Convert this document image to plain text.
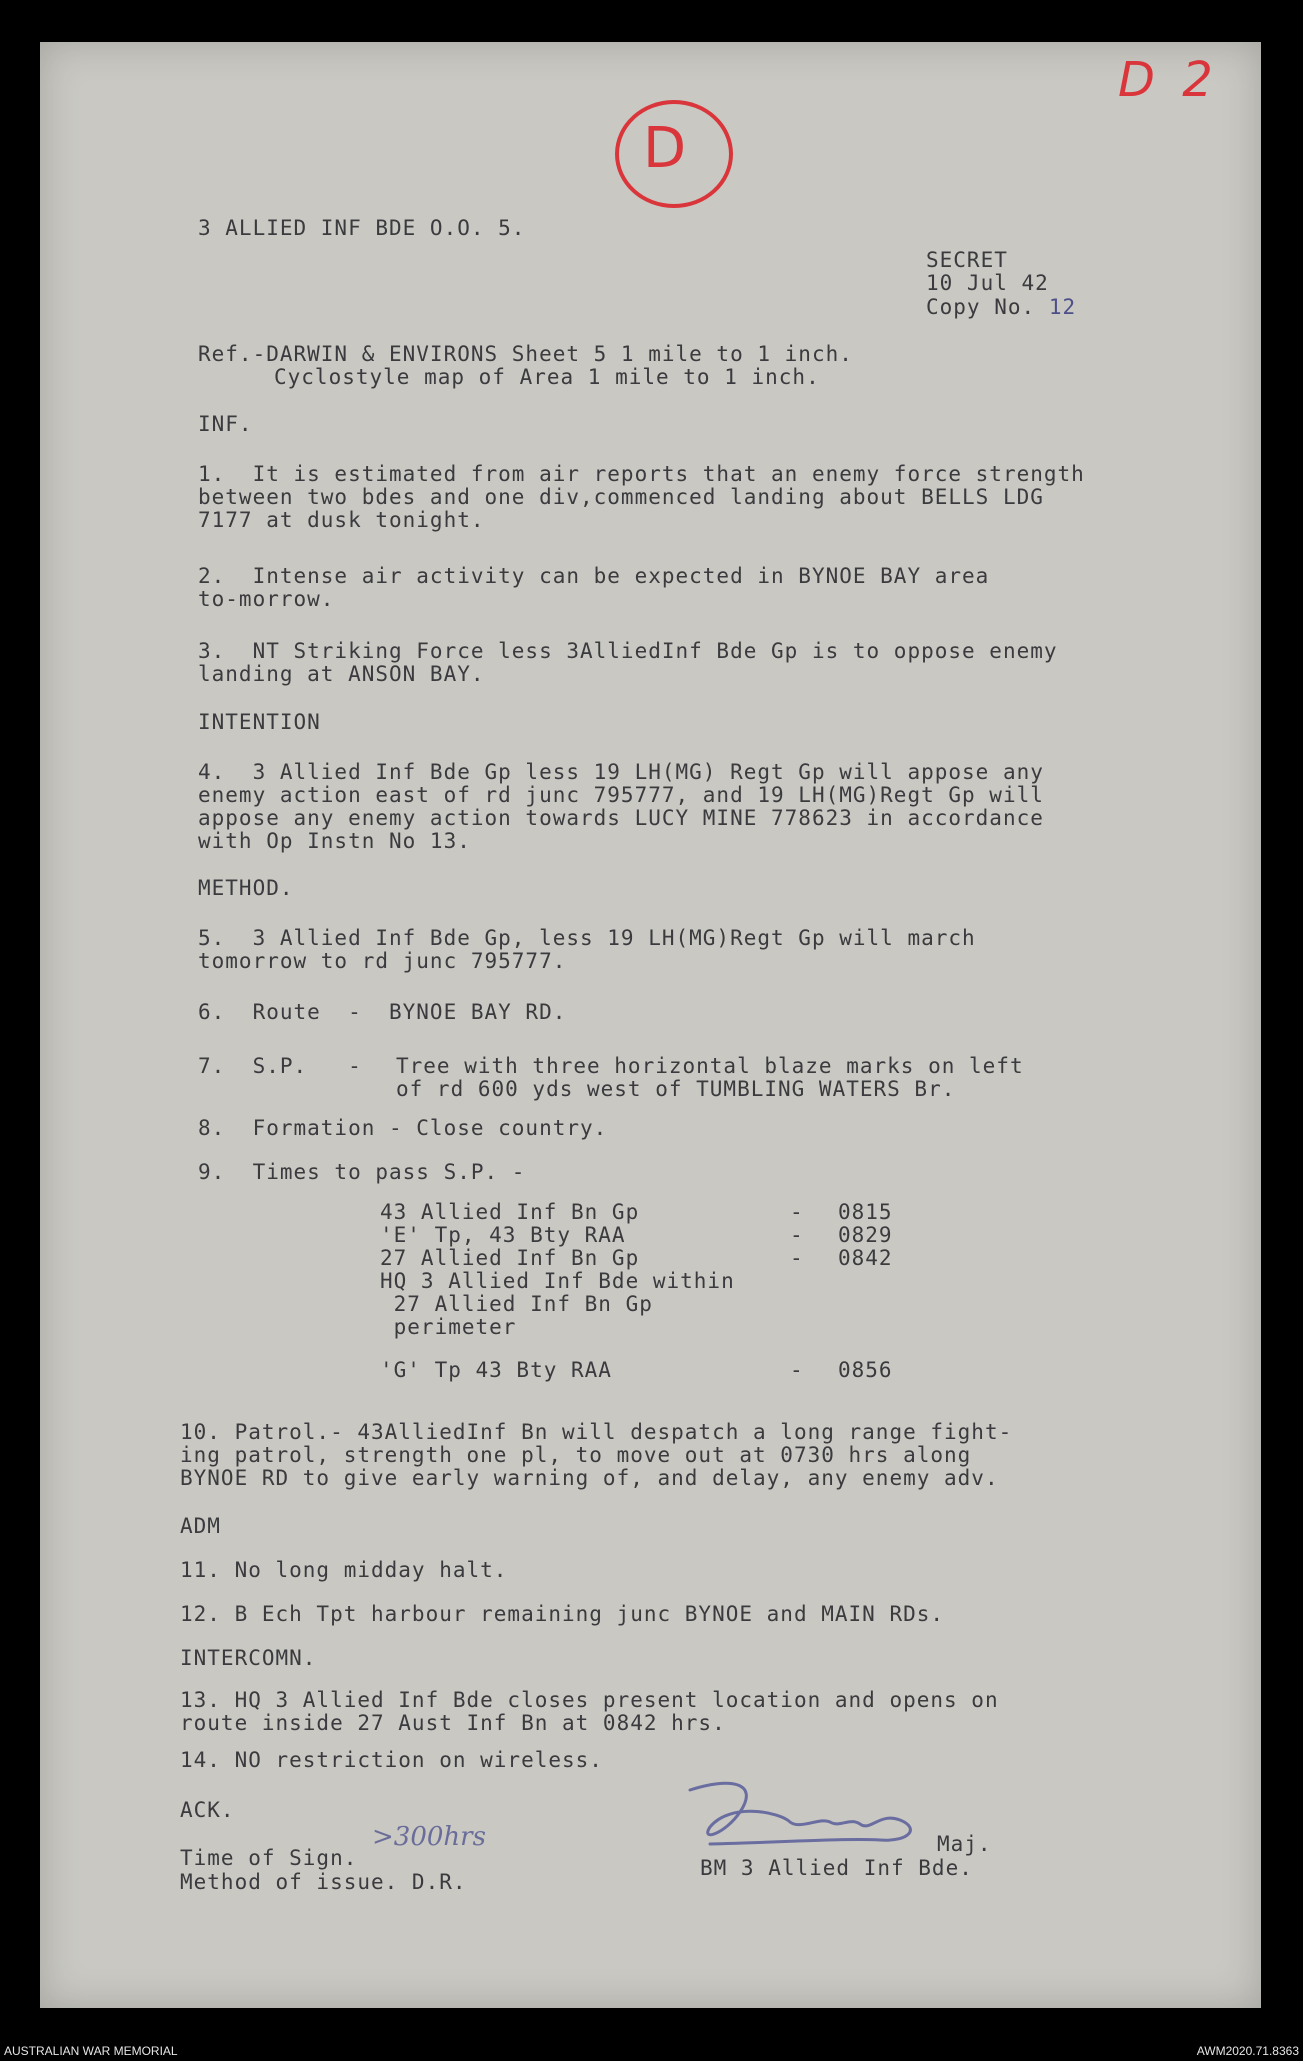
D 2
D
3 ALLIED INF BDE O.O. 5.
SECRET
10 Jul 42
Copy No. 12
Ref.-DARWIN & ENVIRONS Sheet 5 1 mile to 1 inch.
Cyclostyle map of Area 1 mile to 1 inch.
INF.
1.  It is estimated from air reports that an enemy force strength
between two bdes and one div,commenced landing about BELLS LDG
7177 at dusk tonight.
2.  Intense air activity can be expected in BYNOE BAY area
to-morrow.
3.  NT Striking Force less 3AlliedInf Bde Gp is to oppose enemy
landing at ANSON BAY.
INTENTION
4.  3 Allied Inf Bde Gp less 19 LH(MG) Regt Gp will appose any
enemy action east of rd junc 795777, and 19 LH(MG)Regt Gp will
appose any enemy action towards LUCY MINE 778623 in accordance
with Op Instn No 13.
METHOD.
5.  3 Allied Inf Bde Gp, less 19 LH(MG)Regt Gp will march
tomorrow to rd junc 795777.
6.  Route  -  BYNOE BAY RD.
7.  S.P.   - Tree with three horizontal blaze marks on left
of rd 600 yds west of TUMBLING WATERS Br.
8.  Formation - Close country.
9.  Times to pass S.P. -
43 Allied Inf Bn Gp	- 0815
'E' Tp, 43 Bty RAA	- 0829
27 Allied Inf Bn Gp	- 0842
HQ 3 Allied Inf Bde within
27 Allied Inf Bn Gp
perimeter
'G' Tp 43 Bty RAA	- 0856
10. Patrol.- 43AlliedInf Bn will despatch a long range fight-
ing patrol, strength one pl, to move out at 0730 hrs along
BYNOE RD to give early warning of, and delay, any enemy adv.
ADM
11. No long midday halt.
12. B Ech Tpt harbour remaining junc BYNOE and MAIN RDs.
INTERCOMN.
13. HQ 3 Allied Inf Bde closes present location and opens on
route inside 27 Aust Inf Bn at 0842 hrs.
14. NO restriction on wireless.
ACK.
Time of Sign.
>300hrs
Method of issue. D.R.
Maj.
BM 3 Allied Inf Bde.
AUSTRALIAN WAR MEMORIAL	AWM2020.71.8363
